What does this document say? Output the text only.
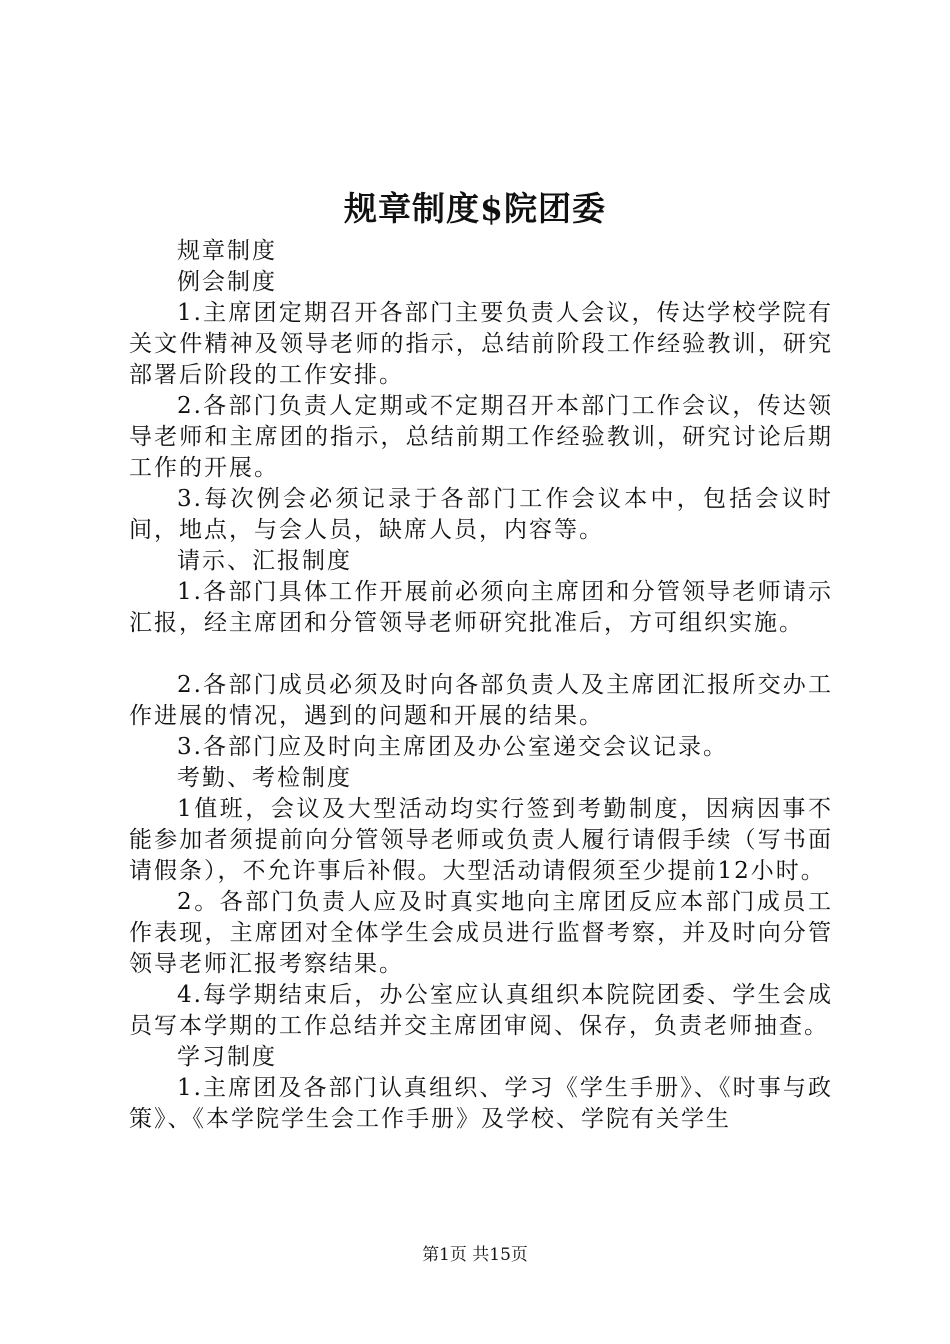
规章制度$院团委

规章制度

例会制度

1.主席团定期召开各部门主要负责人会议，传达学校学院有关文件精神及领导老师的指示，总结前阶段工作经验教训，研究部署后阶段的工作安排。

2.各部门负责人定期或不定期召开本部门工作会议，传达领导老师和主席团的指示，总结前期工作经验教训，研究讨论后期工作的开展。

3.每次例会必须记录于各部门工作会议本中，包括会议时间，地点，与会人员，缺席人员，内容等。

请示、汇报制度

1.各部门具体工作开展前必须向主席团和分管领导老师请示汇报，经主席团和分管领导老师研究批准后，方可组织实施。

2.各部门成员必须及时向各部负责人及主席团汇报所交办工作进展的情况，遇到的问题和开展的结果。

3.各部门应及时向主席团及办公室递交会议记录。

考勤、考检制度

1值班，会议及大型活动均实行签到考勤制度，因病因事不能参加者须提前向分管领导老师或负责人履行请假手续（写书面请假条），不允许事后补假。大型活动请假须至少提前12小时。

2。各部门负责人应及时真实地向主席团反应本部门成员工作表现，主席团对全体学生会成员进行监督考察，并及时向分管领导老师汇报考察结果。

4.每学期结束后，办公室应认真组织本院院团委、学生会成员写本学期的工作总结并交主席团审阅、保存，负责老师抽查。

学习制度

1.主席团及各部门认真组织、学习《学生手册》、《时事与政策》、《本学院学生会工作手册》及学校、学院有关学生

第1页 共15页
